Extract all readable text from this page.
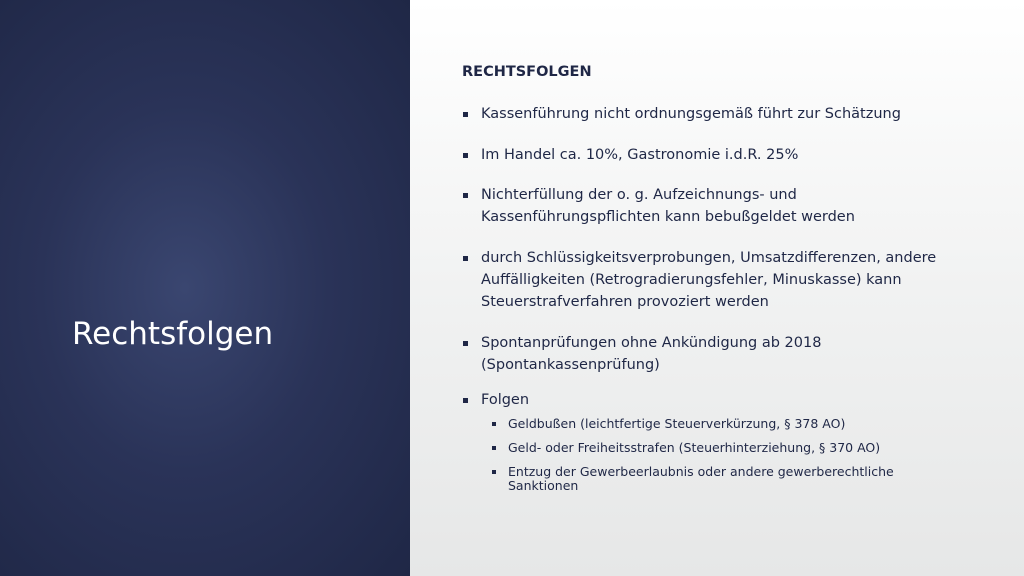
Rechtsfolgen
RECHTSFOLGEN
Kassenführung nicht ordnungsgemäß führt zur Schätzung
Im Handel ca. 10%, Gastronomie i.d.R. 25%
Nichterfüllung der o. g. Aufzeichnungs- und Kassenführungspflichten kann bebußgeldet werden
durch Schlüssigkeitsverprobungen, Umsatzdifferenzen, andere Auffälligkeiten (Retrogradierungsfehler, Minuskasse) kann Steuerstrafverfahren provoziert werden
Spontanprüfungen ohne Ankündigung ab 2018 (Spontankassenprüfung)
Folgen
Geldbußen (leichtfertige Steuerverkürzung, § 378 AO)
Geld- oder Freiheitsstrafen (Steuerhinterziehung, § 370 AO)
Entzug der Gewerbeerlaubnis oder andere gewerberechtliche Sanktionen
